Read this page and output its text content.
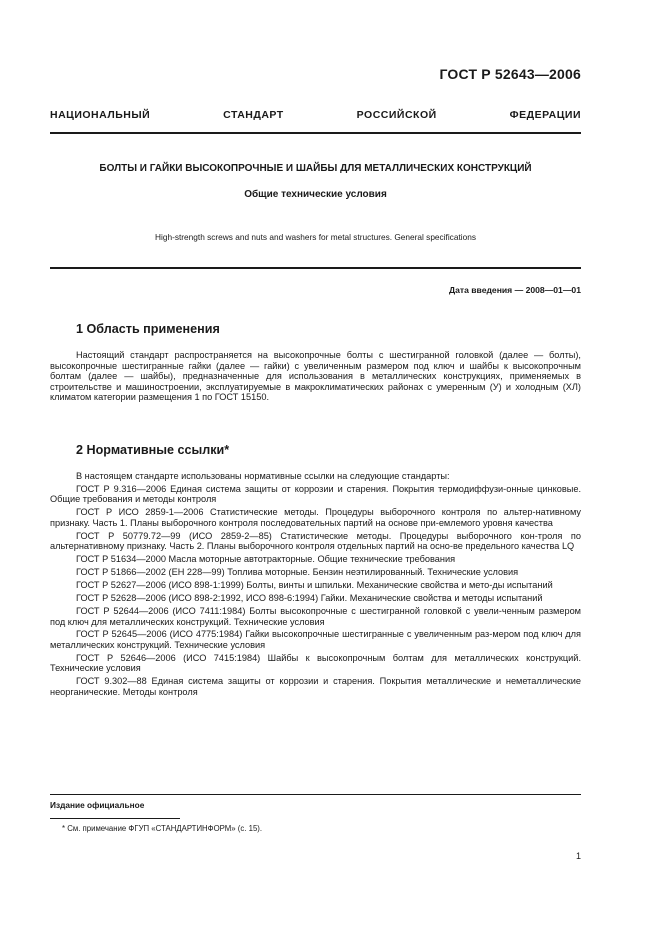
ГОСТ Р 52643—2006
НАЦИОНАЛЬНЫЙ СТАНДАРТ РОССИЙСКОЙ ФЕДЕРАЦИИ
БОЛТЫ И ГАЙКИ ВЫСОКОПРОЧНЫЕ И ШАЙБЫ ДЛЯ МЕТАЛЛИЧЕСКИХ КОНСТРУКЦИЙ
Общие технические условия
High-strength screws and nuts and washers for metal structures. General specifications
Дата введения — 2008—01—01
1 Область применения
Настоящий стандарт распространяется на высокопрочные болты с шестигранной головкой (далее — болты), высокопрочные шестигранные гайки (далее — гайки) с увеличенным размером под ключ и шайбы к высокопрочным болтам (далее — шайбы), предназначенные для использования в металлических конструкциях, применяемых в строительстве и машиностроении, эксплуатируемые в макроклиматических районах с умеренным (У) и холодным (ХЛ) климатом категории размещения 1 по ГОСТ 15150.
2 Нормативные ссылки*

В настоящем стандарте использованы нормативные ссылки на следующие стандарты:

ГОСТ Р 9.316—2006 Единая система защиты от коррозии и старения. Покрытия термодиффузи-онные цинковые. Общие требования и методы контроля

ГОСТ Р ИСО 2859-1—2006 Статистические методы. Процедуры выборочного контроля по альтер-нативному признаку. Часть 1. Планы выборочного контроля последовательных партий на основе при-емлемого уровня качества

ГОСТ Р 50779.72—99 (ИСО 2859-2—85) Статистические методы. Процедуры выборочного кон-троля по альтернативному признаку. Часть 2. Планы выборочного контроля отдельных партий на осно-ве предельного качества LQ

ГОСТ Р 51634—2000 Масла моторные автотракторные. Общие технические требования

ГОСТ Р 51866—2002 (ЕН 228—99) Топлива моторные. Бензин неэтилированный. Технические условия

ГОСТ Р 52627—2006 (ИСО 898-1:1999) Болты, винты и шпильки. Механические свойства и мето-ды испытаний

ГОСТ Р 52628—2006 (ИСО 898-2:1992, ИСО 898-6:1994) Гайки. Механические свойства и методы испытаний

ГОСТ Р 52644—2006 (ИСО 7411:1984) Болты высокопрочные с шестигранной головкой с увели-ченным размером под ключ для металлических конструкций. Технические условия

ГОСТ Р 52645—2006 (ИСО 4775:1984) Гайки высокопрочные шестигранные с увеличенным раз-мером под ключ для металлических конструкций. Технические условия

ГОСТ Р 52646—2006 (ИСО 7415:1984) Шайбы к высокопрочным болтам для металлических конструкций. Технические условия

ГОСТ 9.302—88 Единая система защиты от коррозии и старения. Покрытия металлические и неметаллические неорганические. Методы контроля

Издание официальное
* См. примечание ФГУП «СТАНДАРТИНФОРМ» (с. 15).
1
